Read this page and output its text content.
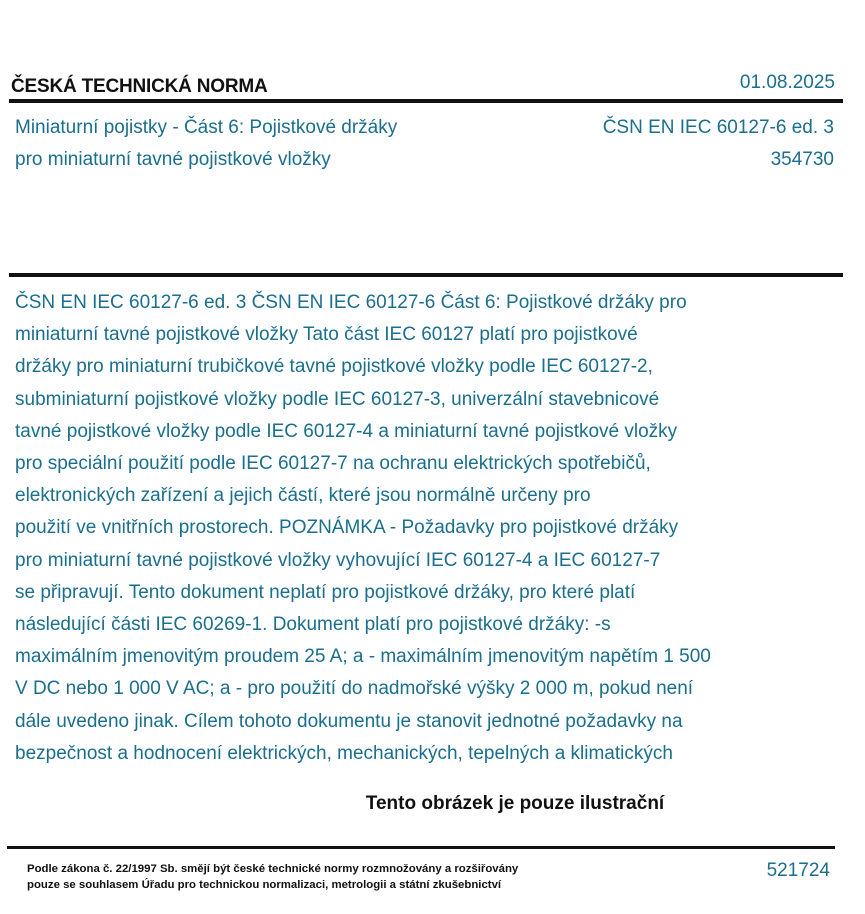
ČESKÁ TECHNICKÁ NORMA	01.08.2025
Miniaturní pojistky - Část 6: Pojistkové držáky
pro miniaturní tavné pojistkové vložky
ČSN EN IEC 60127-6 ed. 3
354730
ČSN EN IEC 60127-6 ed. 3 ČSN EN IEC 60127-6 Část 6: Pojistkové držáky pro
miniaturní tavné pojistkové vložky Tato část IEC 60127 platí pro pojistkové
držáky pro miniaturní trubičkové tavné pojistkové vložky podle IEC 60127-2,
subminiaturní pojistkové vložky podle IEC 60127-3, univerzální stavebnicové
tavné pojistkové vložky podle IEC 60127-4 a miniaturní tavné pojistkové vložky
pro speciální použití podle IEC 60127-7 na ochranu elektrických spotřebičů,
elektronických zařízení a jejich částí, které jsou normálně určeny pro
použití ve vnitřních prostorech. POZNÁMKA - Požadavky pro pojistkové držáky
pro miniaturní tavné pojistkové vložky vyhovující IEC 60127-4 a IEC 60127-7
se připravují. Tento dokument neplatí pro pojistkové držáky, pro které platí
následující části IEC 60269-1. Dokument platí pro pojistkové držáky: -s
maximálním jmenovitým proudem 25 A; a - maximálním jmenovitým napětím 1 500
V DC nebo 1 000 V AC; a - pro použití do nadmořské výšky 2 000 m, pokud není
dále uvedeno jinak. Cílem tohoto dokumentu je stanovit jednotné požadavky na
bezpečnost a hodnocení elektrických, mechanických, tepelných a klimatických
Tento obrázek je pouze ilustrační
Podle zákona č. 22/1997 Sb. smějí být české technické normy rozmnožovány a rozšiřovány
pouze se souhlasem Úřadu pro technickou normalizaci, metrologii a státní zkušebnictví
521724
